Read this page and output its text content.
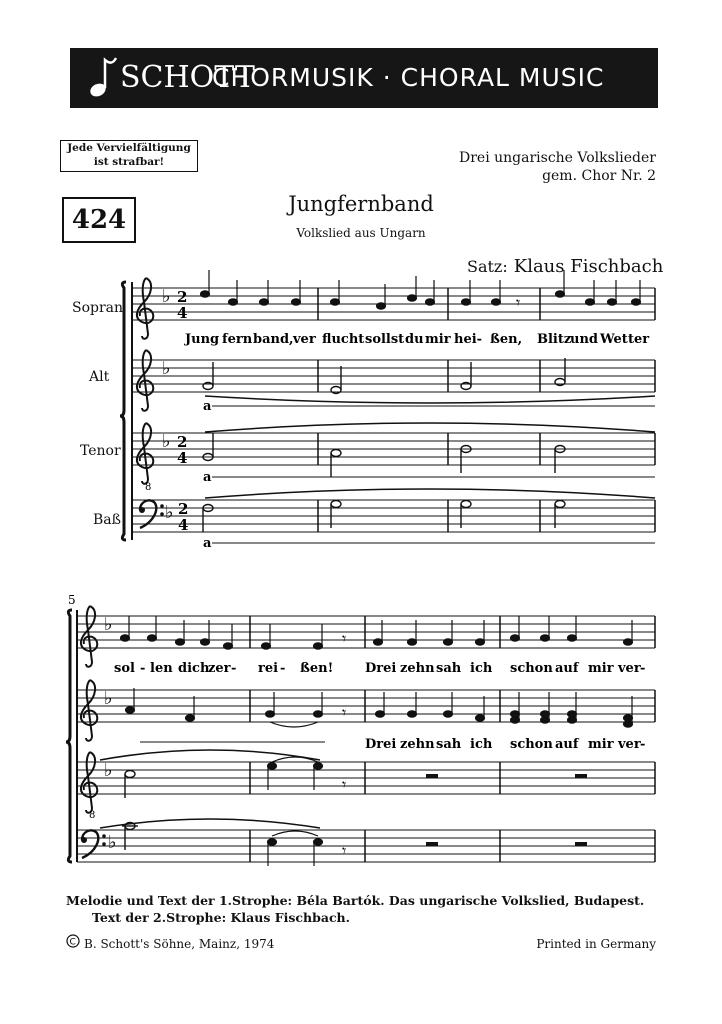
SCHOTT
CHORMUSIK · CHORAL MUSIC
Jede Vervielfältigung
ist strafbar!
424
Drei ungarische Volkslieder
gem. Chor Nr. 2
Jungfernband
Volkslied aus Ungarn
Satz: Klaus Fischbach
Sopran
Alt
Tenor
Baß
♭ 2
4
𝄾
Jung fern band, ver flucht sollst du mir hei- ßen, Blitz
und Wet ter
♭
a
8
♭ 2
4
a
♭ 2
4
a
5
♭
𝄾
sol - len dich
zer - rei - ßen! Drei zehn sah ich schon auf mir ver -
♭
𝄾
Drei zehn sah ich schon auf mir ver -
8
♭
𝄾
♭	𝄾
C
Melodie und Text der 1.Strophe: Béla Bartók. Das ungarische Volkslied, Budapest.
Text der 2.Strophe: Klaus Fischbach.
B. Schott's Söhne, Mainz, 1974	Printed in Germany
